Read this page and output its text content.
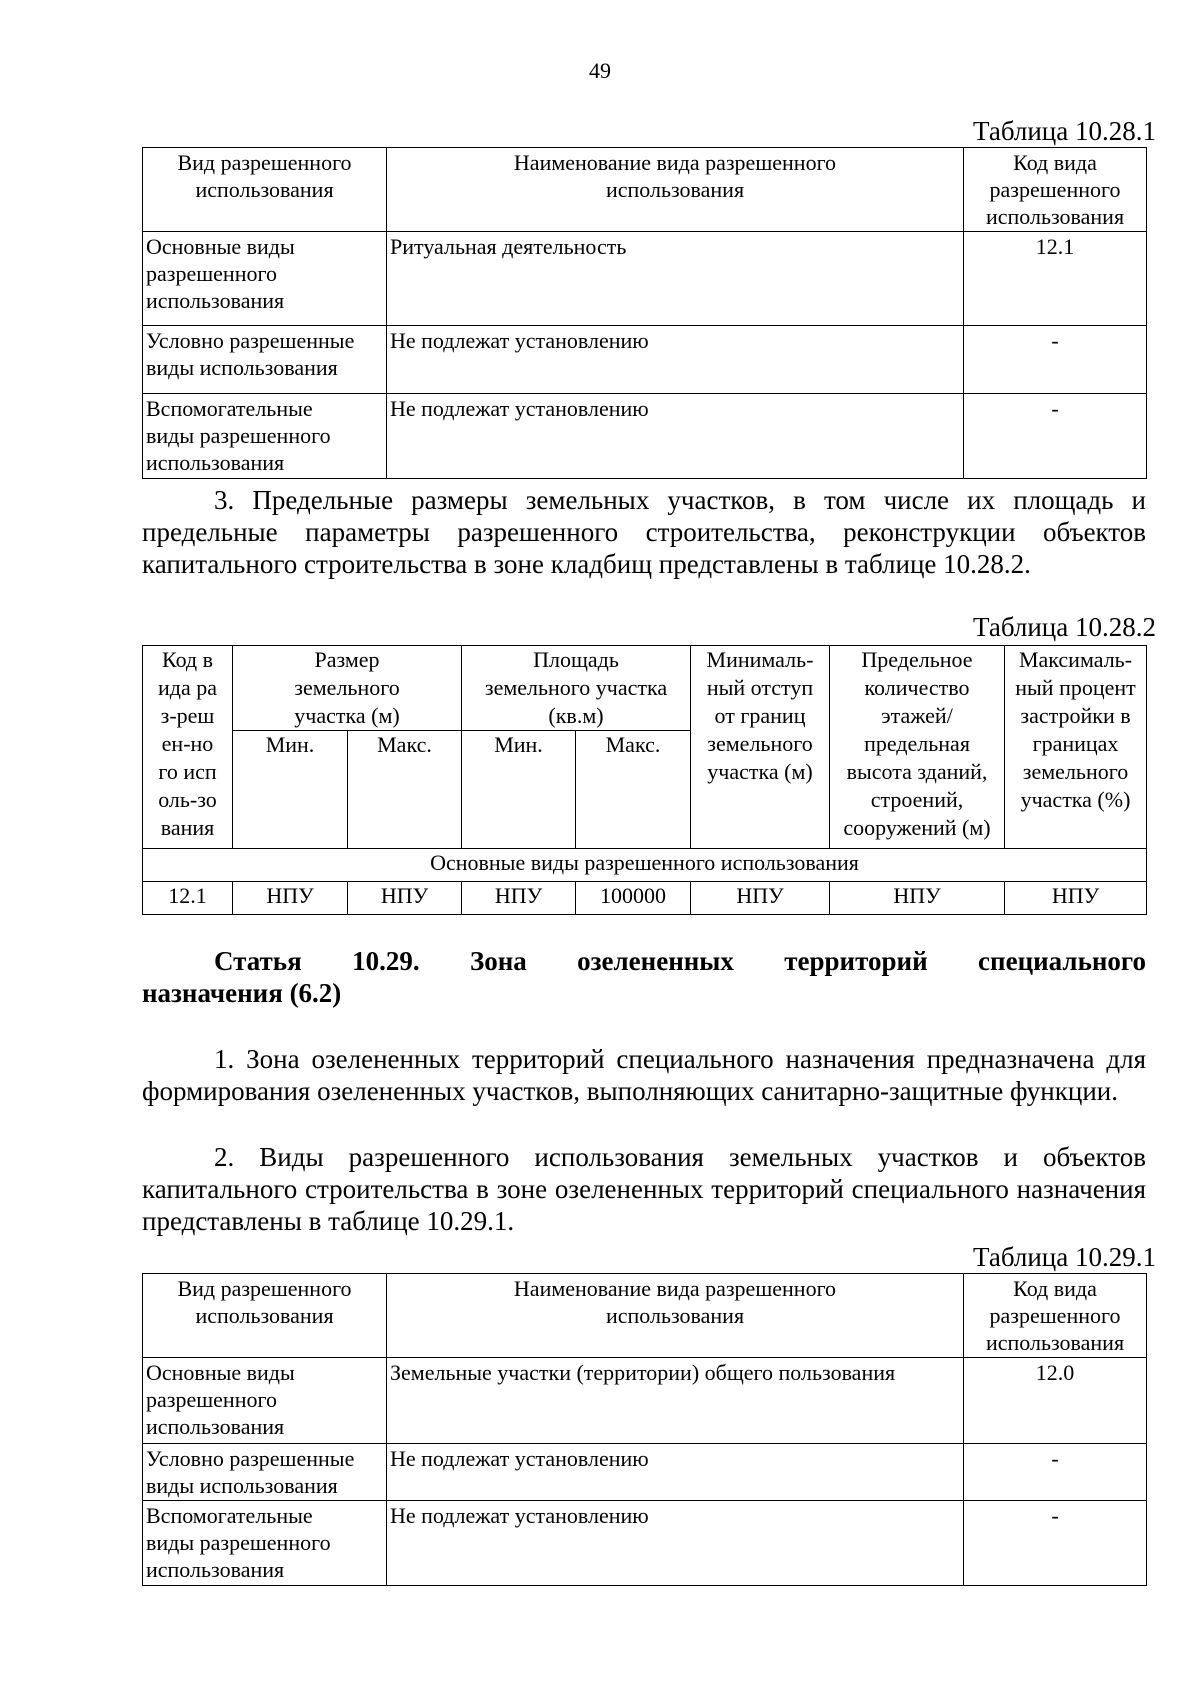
49
Таблица 10.28.1
Вид разрешенного использования	Наименование вида разрешенного использования	Код вида разрешенного использования

Основные виды разрешенного использования	Ритуальная деятельность	12.1
Условно разрешенные виды использования	Не подлежат установлению	-

Вспомогательные виды разрешенного использования	Не подлежат установлению	-

3. Предельные размеры земельных участков, в том числе их площадь и предельные параметры разрешенного строительства, реконструкции объектов капитального строительства в зоне кладбищ представлены в таблице 10.28.2.

Таблица 10.28.2
Код вида раз-решен-ного исполь-зования	Размер земельного участка (м)		Площадь земельного участка (кв.м)		Минималь-ный отступ от границ земельного участка (м)	Предельное количество этажей/ предельная высота зданий, строений, сооружений (м)	Максималь-ный процент застройки в границах земельного участка (%)

	Мин.	Макс.	Мин.	Макс.			
Основные виды разрешенного использования							
12.1	НПУ	НПУ	НПУ	100000	НПУ	НПУ	НПУ
Статья 10.29. Зона озелененных территорий специального
назначения (6.2)

1. Зона озелененных территорий специального назначения предназначена для формирования озелененных участков, выполняющих санитарно-защитные функции.

2. Виды разрешенного использования земельных участков и объектов капитального строительства в зоне озелененных территорий специального назначения представлены в таблице 10.29.1.

Таблица 10.29.1
Вид разрешенного использования	Наименование вида разрешенного использования	Код вида разрешенного использования

Основные виды разрешенного использования	Земельные участки (территории) общего пользования	12.0
Условно разрешенные виды использования	Не подлежат установлению	-

Вспомогательные виды разрешенного использования	Не подлежат установлению	-
